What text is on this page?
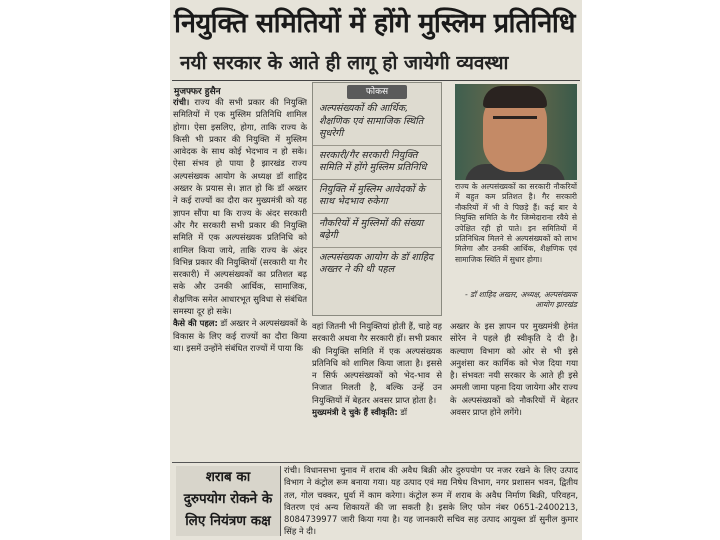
नियुक्ति समितियों में होंगे मुस्लिम प्रतिनिधि
नयी सरकार के आते ही लागू हो जायेगी व्यवस्था
मुजफ्फर हुसैन
रांची। राज्य की सभी प्रकार की नियुक्ति समितियों में एक मुस्लिम प्रतिनिधि शामिल होगा। ऐसा इसलिए, होगा, ताकि राज्य के किसी भी प्रकार की नियुक्ति में मुस्लिम आवेदक के साथ कोई भेदभाव न हो सके। ऐसा संभव हो पाया है झारखंड राज्य अल्पसंख्यक आयोग के अध्यक्ष डॉ शाहिद अख्तर के प्रयास से। ज्ञात हो कि डॉ अख्तर ने कई राज्यों का दौरा कर मुख्यमंत्री को यह ज्ञापन सौंपा था कि राज्य के अंदर सरकारी और गैर सरकारी सभी प्रकार की नियुक्ति समिति में एक अल्पसंख्यक प्रतिनिधि को शामिल किया जाये, ताकि राज्य के अंदर विभिन्न प्रकार की नियुक्तियों (सरकारी या गैर सरकारी) में अल्पसंख्यकों का प्रतिशत बढ़ सके और उनकी आर्थिक, सामाजिक, शैक्षणिक समेत आधारभूत सुविधा से संबंधित समस्या दूर हो सके।
कैसे की पहल: डॉ अख्तर ने अल्पसंख्यकों के विकास के लिए कई राज्यों का दौरा किया था। इसमें उन्होंने संबंधित राज्यों में पाया कि
फोकस
अल्पसंख्यकों की आर्थिक, शैक्षणिक एवं सामाजिक स्थिति सुधरेगी
सरकारी/गैर सरकारी नियुक्ति समिति में होंगे मुस्लिम प्रतिनिधि
नियुक्ति में मुस्लिम आवेदकों के साथ भेदभाव रुकेगा
नौकरियों में मुस्लिमों की संख्या बढ़ेगी
अल्पसंख्यक आयोग के डॉ शाहिद अख्तर ने की थी पहल
राज्य के अल्पसंख्यकों का सरकारी नौकरियों में बहुत कम प्रतिशत है। गैर सरकारी नौकरियों में भी वे पिछड़े हैं। कई बार ये नियुक्ति समिति के गैर जिम्मेदाराना रवैये से उपेक्षित रही हो पाते। इन समितियों में प्रतिनिधित्व मिलने से अल्पसंख्यकों को लाभ मिलेगा और उनकी आर्थिक, शैक्षणिक एवं सामाजिक स्थिति में सुधार होगा।
- डॉ शाहिद अख्तर, अध्यक्ष, अल्पसंख्यक आयोग झारखंड
वहां जितनी भी नियुक्तियां होती हैं, चाहे वह सरकारी अथवा गैर सरकारी हों। सभी प्रकार की नियुक्ति समिति में एक अल्पसंख्यक प्रतिनिधि को शामिल किया जाता है। इससे न सिर्फ अल्पसंख्यकों को भेद-भाव से निजात मिलती है, बल्कि उन्हें उन नियुक्तियों में बेहतर अवसर प्राप्त होता है।
मुख्यमंत्री दे चुके हैं स्वीकृति: डॉ
अख्तर के इस ज्ञापन पर मुख्यमंत्री हेमंत सोरेन ने पहले ही स्वीकृति दे दी है। कल्याण विभाग को ओर से भी इसे अनुशंसा कर कार्मिक को भेज दिया गया है। संभवतः नयी सरकार के आते ही इसे अमली जामा पहना दिया जायेगा और राज्य के अल्पसंख्यकों को नौकरियों में बेहतर अवसर प्राप्त होने लगेंगे।
शराब का
दुरुपयोग रोकने के
लिए नियंत्रण कक्ष
रांची। विधानसभा चुनाव में शराब की अवैध बिक्री और दुरुपयोग पर नजर रखने के लिए उत्पाद विभाग ने कंट्रोल रूम बनाया गया। यह उत्पाद एवं मद्य निषेध विभाग, नगर प्रशासन भवन, द्वितीय तल, गोल चक्कर, धुर्वा में काम करेगा। कंट्रोल रूम में शराब के अवैध निर्माण बिक्री, परिवहन, वितरण एवं अन्य शिकायतें की जा सकती है। इसके लिए फोन नंबर 0651-2400213, 8084739977 जारी किया गया है। यह जानकारी सचिव सह उत्पाद आयुक्त डॉ सुनील कुमार सिंह ने दी।
